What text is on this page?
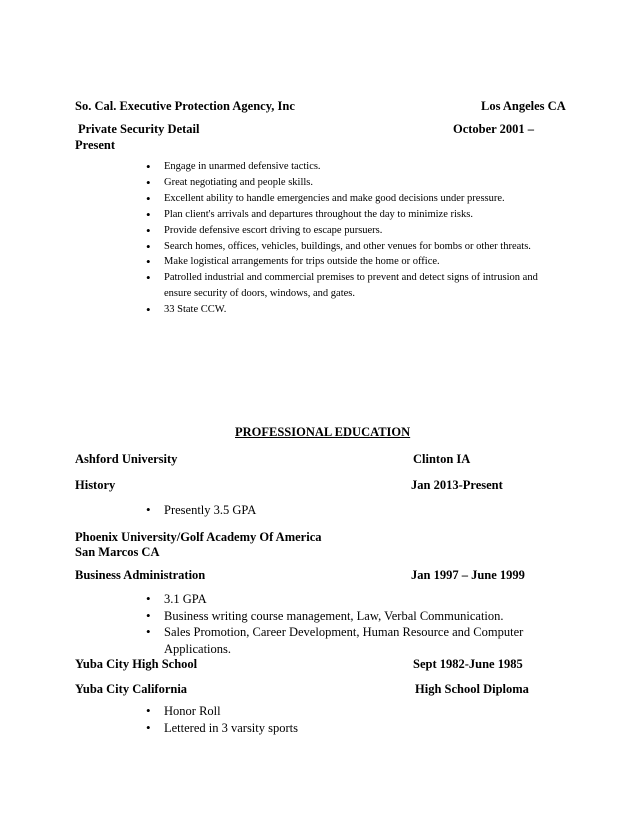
So. Cal. Executive Protection Agency, Inc	Los Angeles CA
Private Security Detail	October 2001 –
Present
• Engage in unarmed defensive tactics.
• Great negotiating and people skills.
• Excellent ability to handle emergencies and make good decisions under pressure.
• Plan client's arrivals and departures throughout the day to minimize risks.
• Provide defensive escort driving to escape pursuers.
• Search homes, offices, vehicles, buildings, and other venues for bombs or other threats.
• Make logistical arrangements for trips outside the home or office.
• Patrolled industrial and commercial premises to prevent and detect signs of intrusion and
ensure security of doors, windows, and gates.
• 33 State CCW.
PROFESSIONAL EDUCATION
Ashford University	Clinton IA
History	Jan 2013-Present
• Presently 3.5 GPA
Phoenix University/Golf Academy Of America
San Marcos CA
Business Administration	Jan 1997 – June 1999
• 3.1 GPA
• Business writing course management, Law, Verbal Communication.
• Sales Promotion, Career Development, Human Resource and Computer
Applications.
Yuba City High School	Sept 1982-June 1985
Yuba City California	High School Diploma
• Honor Roll
• Lettered in 3 varsity sports
